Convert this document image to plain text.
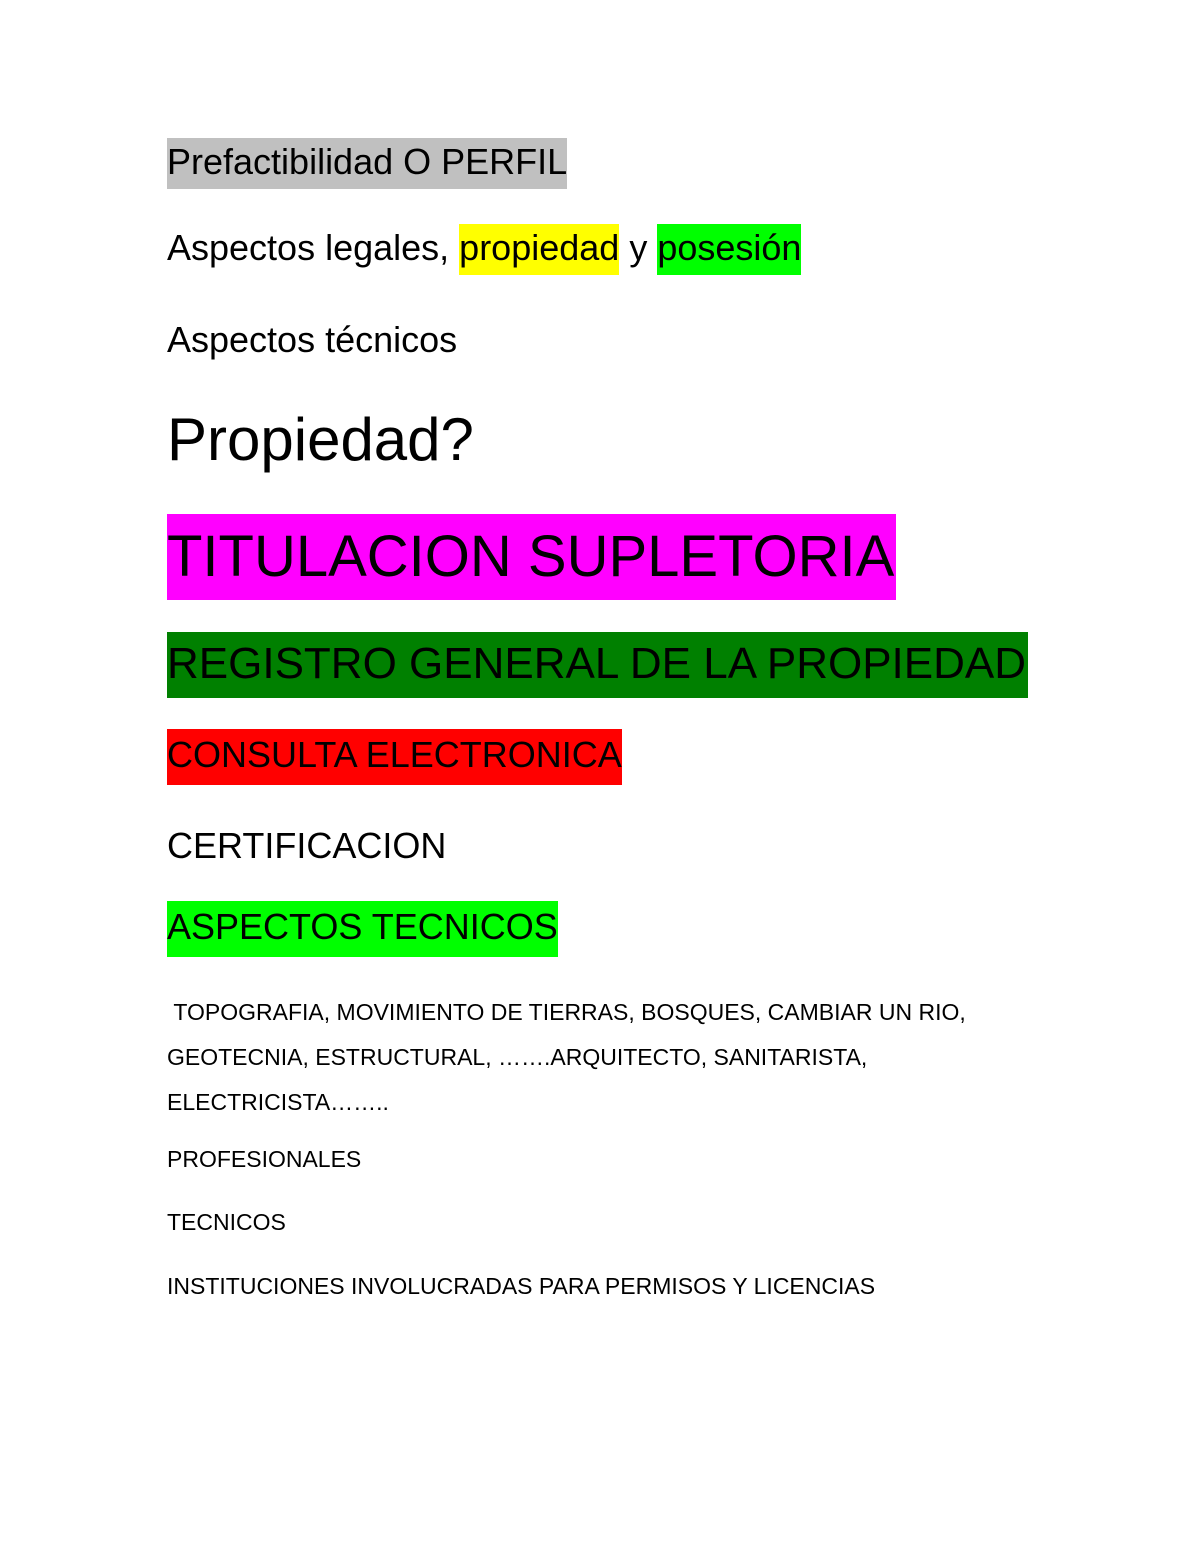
Prefactibilidad O PERFIL
Aspectos legales, propiedad y posesión
Aspectos técnicos
Propiedad?
TITULACION SUPLETORIA
REGISTRO GENERAL DE LA PROPIEDAD
CONSULTA ELECTRONICA
CERTIFICACION
ASPECTOS TECNICOS
TOPOGRAFIA, MOVIMIENTO DE TIERRAS, BOSQUES, CAMBIAR UN RIO, GEOTECNIA, ESTRUCTURAL, …….ARQUITECTO, SANITARISTA, ELECTRICISTA……..
PROFESIONALES
TECNICOS
INSTITUCIONES INVOLUCRADAS PARA PERMISOS Y LICENCIAS
